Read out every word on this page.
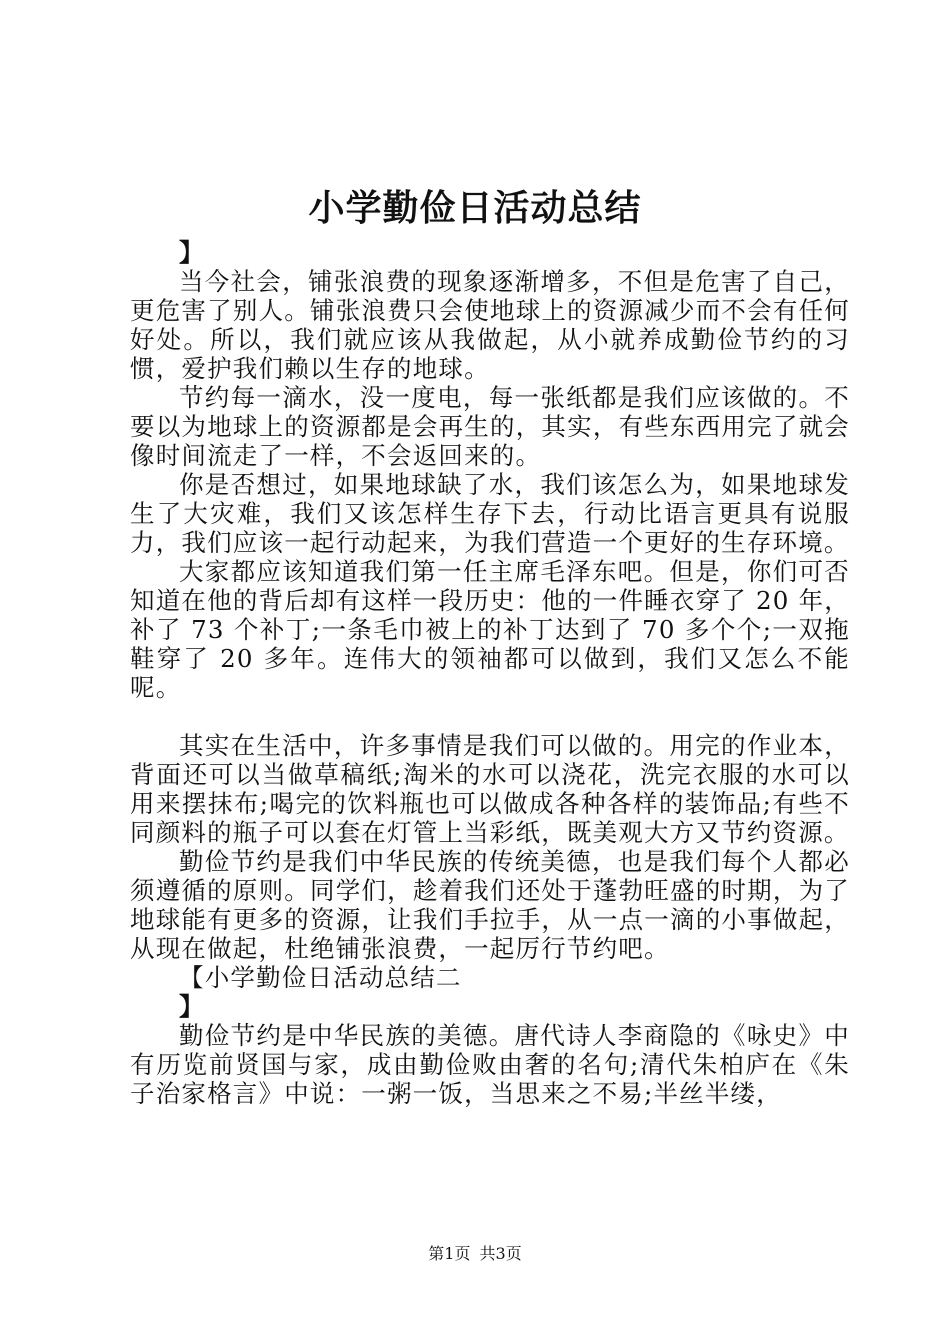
小学勤俭日活动总结

】

当今社会，铺张浪费的现象逐渐增多，不但是危害了自己，更危害了别人。铺张浪费只会使地球上的资源减少而不会有任何好处。所以，我们就应该从我做起，从小就养成勤俭节约的习惯，爱护我们赖以生存的地球。

节约每一滴水，没一度电，每一张纸都是我们应该做的。不要以为地球上的资源都是会再生的，其实，有些东西用完了就会像时间流走了一样，不会返回来的。

你是否想过，如果地球缺了水，我们该怎么为，如果地球发生了大灾难，我们又该怎样生存下去，行动比语言更具有说服力，我们应该一起行动起来，为我们营造一个更好的生存环境。

大家都应该知道我们第一任主席毛泽东吧。但是，你们可否知道在他的背后却有这样一段历史：他的一件睡衣穿了 20 年，补了 73 个补丁;一条毛巾被上的补丁达到了 70 多个个;一双拖鞋穿了 20 多年。连伟大的领袖都可以做到，我们又怎么不能呢。

其实在生活中，许多事情是我们可以做的。用完的作业本，背面还可以当做草稿纸;淘米的水可以浇花，洗完衣服的水可以用来摆抹布;喝完的饮料瓶也可以做成各种各样的装饰品;有些不同颜料的瓶子可以套在灯管上当彩纸，既美观大方又节约资源。

勤俭节约是我们中华民族的传统美德，也是我们每个人都必须遵循的原则。同学们，趁着我们还处于蓬勃旺盛的时期，为了地球能有更多的资源，让我们手拉手，从一点一滴的小事做起，从现在做起，杜绝铺张浪费，一起厉行节约吧。

【小学勤俭日活动总结二

】

勤俭节约是中华民族的美德。唐代诗人李商隐的《咏史》中有历览前贤国与家，成由勤俭败由奢的名句;清代朱柏庐在《朱子治家格言》中说：一粥一饭，当思来之不易;半丝半缕，

第1页 共3页
